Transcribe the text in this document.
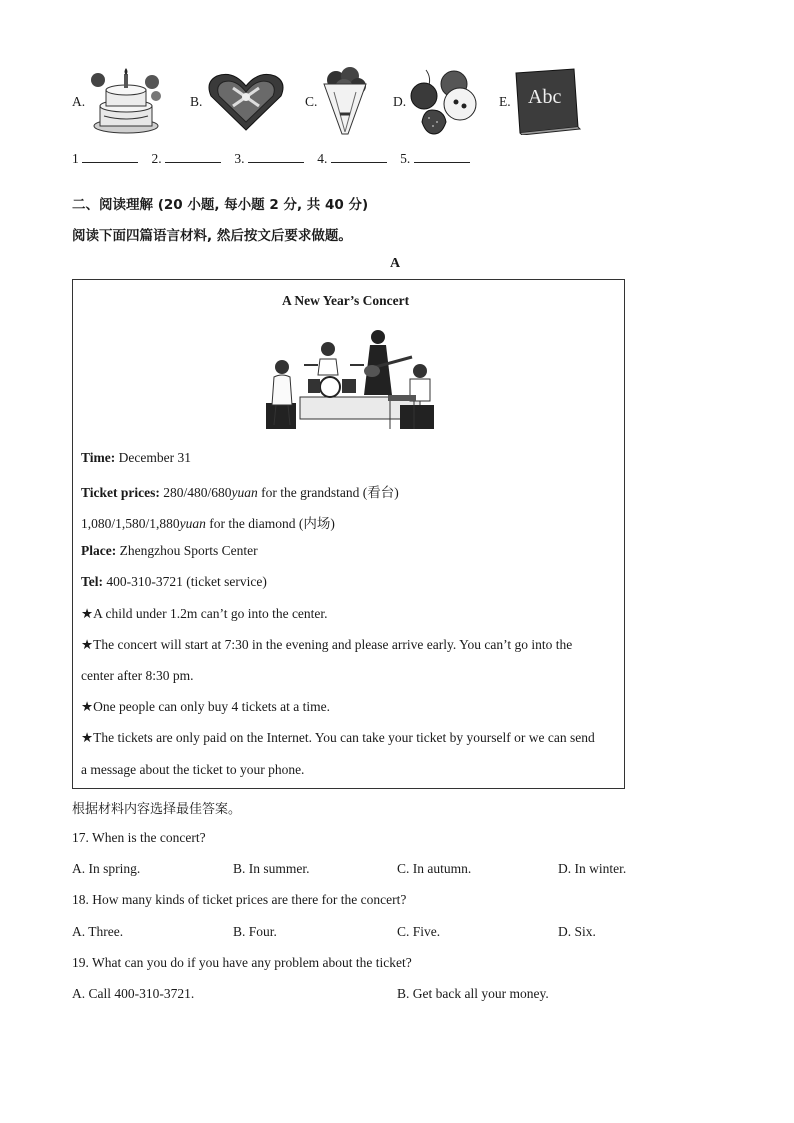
A.	B.	C.	D.	E. Abc
1	2.	3.	4.	5.
二、阅读理解 (20 小题, 每小题 2 分, 共 40 分)
阅读下面四篇语言材料, 然后按文后要求做题。
A
A New Year’s Concert
Time: December 31
Ticket prices: 280/480/680yuan for the grandstand (看台)
1,080/1,580/1,880yuan for the diamond (内场)
Place: Zhengzhou Sports Center
Tel: 400-310-3721 (ticket service)
★A child under 1.2m can’t go into the center.
★The concert will start at 7:30 in the evening and please arrive early. You can’t go into the
center after 8:30 pm.
★One people can only buy 4 tickets at a time.
★The tickets are only paid on the Internet. You can take your ticket by yourself or we can send
a message about the ticket to your phone.
根据材料内容选择最佳答案。
17. When is the concert?
A. In spring.	B. In summer.	C. In autumn.	D. In winter.
18. How many kinds of ticket prices are there for the concert?
A. Three.	B. Four.	C. Five.	D. Six.
19. What can you do if you have any problem about the ticket?
A. Call 400-310-3721.	B. Get back all your money.
